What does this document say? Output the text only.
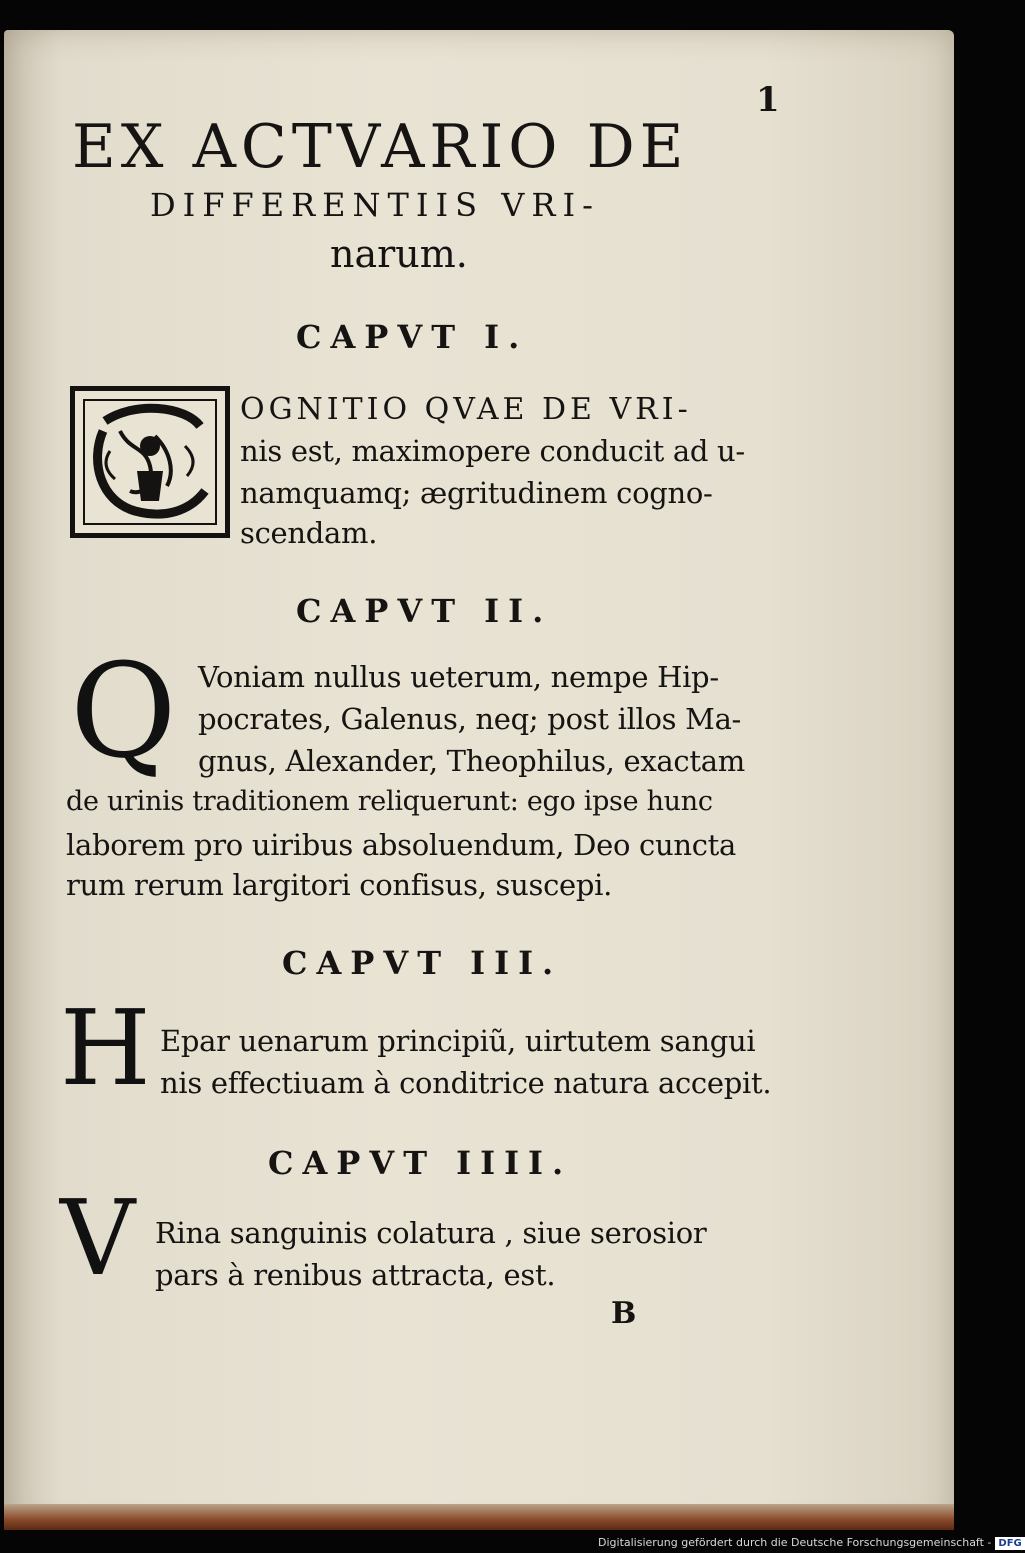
1
EX ACTVARIO DE
DIFFERENTIIS VRI-
narum.
CAPVT I.
OGNITIO QVAE DE VRI-
nis est, maximopere conducit ad u-
namquamq; ægritudinem cogno-
scendam.
CAPVT II.
Q Voniam nullus ueterum, nempe Hip-
pocrates, Galenus, neq; post illos Ma-
gnus, Alexander, Theophilus, exactam
de urinis traditionem reliquerunt: ego ipse hunc
laborem pro uiribus absoluendum, Deo cuncta
rum rerum largitori confisus, suscepi.
CAPVT III.
H Epar uenarum principiũ, uirtutem sangui
nis effectiuam à conditrice natura accepit.
CAPVT IIII.
V Rina sanguinis colatura , siue serosior
pars à renibus attracta, est.
B
Digitalisierung gefördert durch die Deutsche Forschungsgemeinschaft - DFG
